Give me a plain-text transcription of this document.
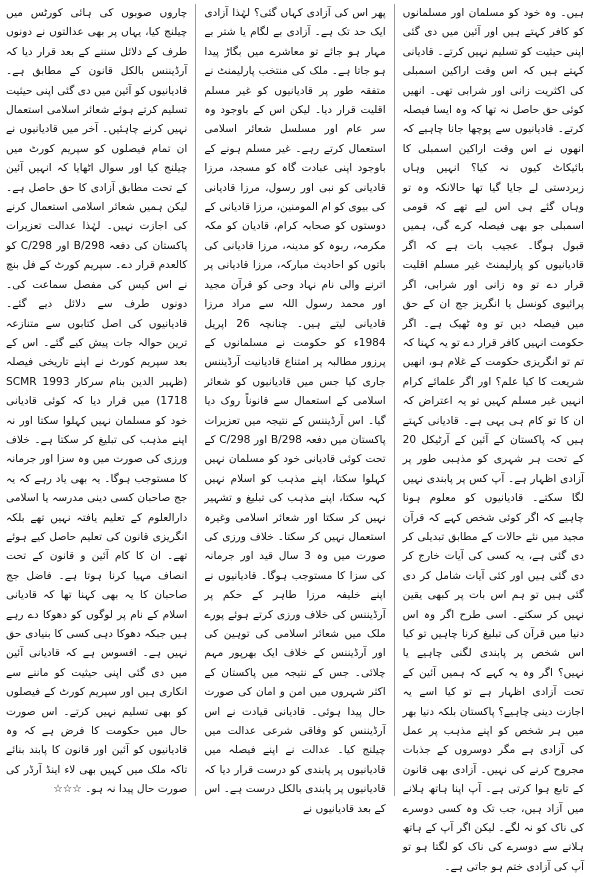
ہیں۔ وہ خود کو مسلمان اور مسلمانوں کو کافر کہتے ہیں اور آئین میں دی گئی اپنی حیثیت کو تسلیم نہیں کرتے۔ قادیانی کہتے ہیں کہ اس وقت اراکین اسمبلی کی اکثریت زانی اور شرابی تھی۔ انھیں کوئی حق حاصل نہ تھا کہ وہ ایسا فیصلہ کرتے۔ قادیانیوں سے پوچھا جانا چاہیے کہ انھوں نے اس وقت اراکین اسمبلی کا بائیکاٹ کیوں نہ کیا؟ انہیں وہاں زبردستی لے جایا گیا تھا حالانکہ وہ تو وہاں گئے ہی اس لیے تھے کہ قومی اسمبلی جو بھی فیصلہ کرے گی، ہمیں قبول ہوگا۔ عجیب بات ہے کہ اگر قادیانیوں کو پارلیمنٹ غیر مسلم اقلیت قرار دے تو وہ زانی اور شرابی، اگر پرائیوی کونسل یا انگریز جج ان کے حق میں فیصلہ دیں تو وہ ٹھیک ہے۔ اگر حکومت انہیں کافر قرار دے تو یہ کہنا کہ تم تو انگریزی حکومت کے غلام ہو، انھیں شریعت کا کیا علم؟ اور اگر علمائے کرام انہیں غیر مسلم کہیں تو یہ اعتراض کہ ان کا تو کام ہی یہی ہے۔ قادیانی کہتے ہیں کہ پاکستان کے آئین کے آرٹیکل 20 کے تحت ہر شہری کو مذہبی طور پر آزادی اظہار ہے۔ آپ کس پر پابندی نہیں لگا سکتے۔ قادیانیوں کو معلوم ہونا چاہیے کہ اگر کوئی شخص کہے کہ قرآن مجید میں نئے حالات کے مطابق تبدیلی کر دی گئی ہے، یہ کسی کی آیات خارج کر دی گئی ہیں اور کئی آیات شامل کر دی گئی ہیں تو ہم اس بات پر کبھی یقین نہیں کر سکتے۔ اسی طرح اگر وہ اس دنیا میں قرآن کی تبلیغ کرنا چاہیں تو کیا اس شخص پر پابندی لگنی چاہیے یا نہیں؟ اگر وہ یہ کہے کہ ہمیں آئین کے تحت آزادی اظہار ہے تو کیا اسے یہ اجازت دینی چاہیے؟ پاکستان بلکہ دنیا بھر میں ہر شخص کو اپنے مذہب پر عمل کی آزادی ہے مگر دوسروں کے جذبات مجروح کرنے کی نہیں۔ آزادی بھی قانون کے تابع ہوا کرتی ہے۔ آپ اپنا ہاتھ ہلانے میں آزاد ہیں، جب تک وہ کسی دوسرے کی ناک کو نہ لگے۔ لیکن اگر آپ کے ہاتھ ہلانے سے دوسرے کی ناک کو لگتا ہو تو آپ کی آزادی ختم ہو جاتی ہے۔

پھر اس کی آزادی کہاں گئی؟ لہٰذا آزادی ایک حد تک ہے۔ آزادی بے لگام یا شتر بے مہار ہو جائے تو معاشرے میں بگاڑ پیدا ہو جاتا ہے۔ ملک کی منتخب پارلیمنٹ نے متفقہ طور پر قادیانیوں کو غیر مسلم اقلیت قرار دیا۔ لیکن اس کے باوجود وہ سر عام اور مسلسل شعائر اسلامی استعمال کرتے رہے۔ غیر مسلم ہونے کے باوجود اپنی عبادت گاہ کو مسجد، مرزا قادیانی کو نبی اور رسول، مرزا قادیانی کی بیوی کو ام المومنین، مرزا قادیانی کے دوستوں کو صحابہ کرام، قادیان کو مکہ مکرمہ، ربوہ کو مدینہ، مرزا قادیانی کی باتوں کو احادیث مبارکہ، مرزا قادیانی پر اترنے والی نام نہاد وحی کو قرآن مجید اور محمد رسول اللہ سے مراد مرزا قادیانی لیتے ہیں۔ چنانچہ 26 اپریل 1984ء کو حکومت نے مسلمانوں کے پرزور مطالبہ پر امتناع قادیانیت آرڈیننس جاری کیا جس میں قادیانیوں کو شعائر اسلامی کے استعمال سے قانوناً روک دیا گیا۔ اس آرڈیننس کے نتیجہ میں تعزیرات پاکستان میں دفعہ 298/B اور 298/C کے تحت کوئی قادیانی خود کو مسلمان نہیں کہلوا سکتا، اپنے مذہب کو اسلام نہیں کہہ سکتا، اپنے مذہب کی تبلیغ و تشہیر نہیں کر سکتا اور شعائر اسلامی وغیرہ استعمال نہیں کر سکتا۔ خلاف ورزی کی صورت میں وہ 3 سال قید اور جرمانہ کی سزا کا مستوجب ہوگا۔ قادیانیوں نے اپنے خلیفہ مرزا طاہر کے حکم پر آرڈیننس کی خلاف ورزی کرتے ہوئے پورے ملک میں شعائر اسلامی کی توہین کی اور آرڈیننس کے خلاف ایک بھرپور مہم چلائی۔ جس کے نتیجہ میں پاکستان کے اکثر شہروں میں امن و امان کی صورت حال پیدا ہوئی۔ قادیانی قیادت نے اس آرڈیننس کو وفاقی شرعی عدالت میں چیلنج کیا۔ عدالت نے اپنے فیصلہ میں قادیانیوں پر پابندی کو درست قرار دیا کہ قادیانیوں پر پابندی بالکل درست ہے۔ اس کے بعد قادیانیوں نے

چاروں صوبوں کی ہائی کورٹس میں چیلنج کیا، یہاں پر بھی عدالتوں نے دونوں طرف کے دلائل سننے کے بعد قرار دیا کہ آرڈیننس بالکل قانون کے مطابق ہے۔ قادیانیوں کو آئین میں دی گئی اپنی حیثیت تسلیم کرتے ہوئے شعائر اسلامی استعمال نہیں کرنے چاہئیں۔ آخر میں قادیانیوں نے ان تمام فیصلوں کو سپریم کورٹ میں چیلنج کیا اور سوال اٹھایا کہ انہیں آئین کے تحت مطابق آزادی کا حق حاصل ہے۔ لیکن ہمیں شعائر اسلامی استعمال کرنے کی اجازت نہیں۔ لہٰذا عدالت تعزیرات پاکستان کی دفعہ 298/B اور 298/C کو کالعدم قرار دے۔ سپریم کورٹ کے فل بنچ نے اس کیس کی مفصل سماعت کی۔ دونوں طرف سے دلائل دیے گئے۔ قادیانیوں کی اصل کتابوں سے متنازعہ ترین حوالہ جات پیش کیے گئے۔ اس کے بعد سپریم کورٹ نے اپنے تاریخی فیصلہ (ظہیر الدین بنام سرکار 1993 SCMR 1718) میں قرار دیا کہ کوئی قادیانی خود کو مسلمان نہیں کہلوا سکتا اور نہ اپنے مذہب کی تبلیغ کر سکتا ہے۔ خلاف ورزی کی صورت میں وہ سزا اور جرمانہ کا مستوجب ہوگا۔ یہ بھی یاد رہے کہ یہ جج صاحبان کسی دینی مدرسہ یا اسلامی دارالعلوم کے تعلیم یافتہ نہیں تھے بلکہ انگریزی قانون کی تعلیم حاصل کیے ہوئے تھے۔ ان کا کام آئین و قانون کے تحت انصاف مہیا کرنا ہوتا ہے۔ فاضل جج صاحبان کا یہ بھی کہنا تھا کہ قادیانی اسلام کے نام پر لوگوں کو دھوکا دے رہے ہیں جبکہ دھوکا دہی کسی کا بنیادی حق نہیں ہے۔ افسوس ہے کہ قادیانی آئین میں دی گئی اپنی حیثیت کو ماننے سے انکاری ہیں اور سپریم کورٹ کے فیصلوں کو بھی تسلیم نہیں کرتے۔ اس صورت حال میں حکومت کا فرض ہے کہ وہ قادیانیوں کو آئین اور قانون کا پابند بنائے تاکہ ملک میں کہیں بھی لاء اینڈ آرڈر کی صورت حال پیدا نہ ہو۔ ☆☆☆
